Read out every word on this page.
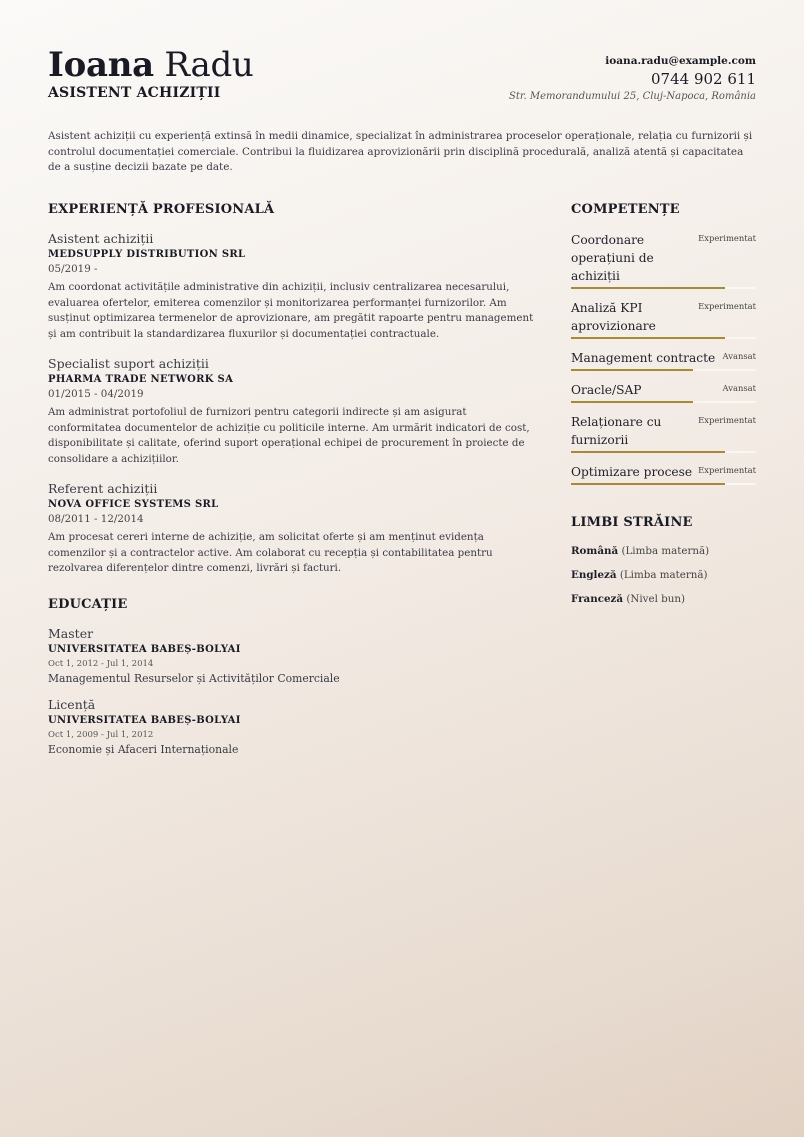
Ioana Radu
ASISTENT ACHIZIȚII
ioana.radu@example.com
0744 902 611
Str. Memorandumului 25, Cluj-Napoca, România
Asistent achiziții cu experiență extinsă în medii dinamice, specializat în administrarea proceselor operaționale, relația cu furnizorii și controlul documentației comerciale. Contribui la fluidizarea aprovizionării prin disciplină procedurală, analiză atentă și capacitatea de a susține decizii bazate pe date.
EXPERIENȚĂ PROFESIONALĂ
Asistent achiziții
MEDSUPPLY DISTRIBUTION SRL
05/2019 -
Am coordonat activitățile administrative din achiziții, inclusiv centralizarea necesarului, evaluarea ofertelor, emiterea comenzilor și monitorizarea performanței furnizorilor. Am susținut optimizarea termenelor de aprovizionare, am pregătit rapoarte pentru management și am contribuit la standardizarea fluxurilor și documentației contractuale.
Specialist suport achiziții
PHARMA TRADE NETWORK SA
01/2015 - 04/2019
Am administrat portofoliul de furnizori pentru categorii indirecte și am asigurat conformitatea documentelor de achiziție cu politicile interne. Am urmărit indicatori de cost, disponibilitate și calitate, oferind suport operațional echipei de procurement în proiecte de consolidare a achizițiilor.
Referent achiziții
NOVA OFFICE SYSTEMS SRL
08/2011 - 12/2014
Am procesat cereri interne de achiziție, am solicitat oferte și am menținut evidența comenzilor și a contractelor active. Am colaborat cu recepția și contabilitatea pentru rezolvarea diferențelor dintre comenzi, livrări și facturi.
EDUCAȚIE
Master
UNIVERSITATEA BABEȘ-BOLYAI
Oct 1, 2012 - Jul 1, 2014
Managementul Resurselor și Activităților Comerciale
Licență
UNIVERSITATEA BABEȘ-BOLYAI
Oct 1, 2009 - Jul 1, 2012
Economie și Afaceri Internaționale
COMPETENȚE
Coordonare operațiuni de achiziții
Experimentat
Analiză KPI aprovizionare
Experimentat
Management contracte Avansat
Oracle/SAP	Avansat
Relaționare cu furnizorii
Experimentat
Optimizare procese Experimentat
LIMBI STRĂINE
Română (Limba maternă)
Engleză (Limba maternă)
Franceză (Nivel bun)
